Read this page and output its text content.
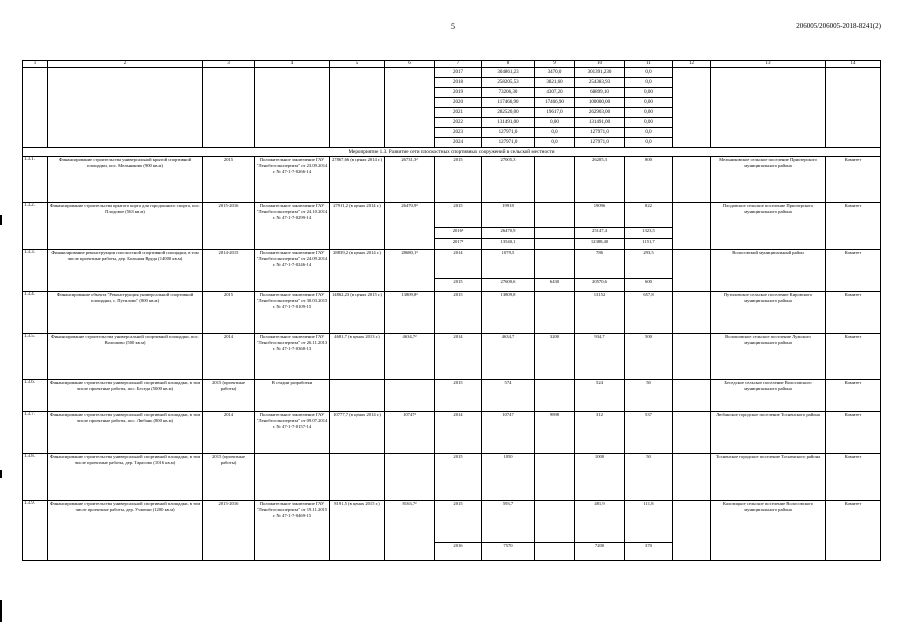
5	206005/206005-2018-8241(2)
1	2	3	4	5	6	7	8	9	10	11	12	13	14
						2017	304861,23	3470,0	301391,230	0,0			
						2018	258205,53	3821,60	254383,93	0,0			
						2019	73206,30	4307,20	68899,10	0,00			
						2020	117466,90	17466,90	100000,00	0,00			
						2021	282520,00	19617,0	262903,00	0,00			
						2022	131491,00	0,00	131491,00	0,00			
						2023	127971,0	0,0	127971,0	0,0			
						2024	127971,0	0,0	127971,0	0,0			
Мероприятие 1.3. Развитие сети плоскостных спортивных сооружений в сельской местности													
1.3.1.	Финансирование строительства универсальной крытой спортивной площадки, пос. Мельниково (900 кв.м)	2015	Положительное заключение ГАУ "Ленобгосэкспертиза" от 23.09.2014 г. № 47-1-7-0266-14	27867,66 (в ценах 2014 г.)	26731,3²	2015	27005,3		26205,3	800		Мельниковское сельское поселение Приозерского муниципального района	Комитет
1.3.2.	Финансирование строительства крытого корта для городошного спорта, пос. Плодовое (563 кв.м)	2015-2016	Положительное заключение ГАУ "Ленобгосэкспертиза" от 24.10.2014 г. № 47-1-7-0299-14	27911,2 (в ценах 2014 г.)	26470,9²	2015	19918		19096	822		Плодовское сельское поселение Приозерского муниципального района	Комитет
						2016²	26470,9		25147,4	1323,5			
						2017²	13540,1		12388,40	1151,7			
1.3.3.	Финансирование реконструкции плоскостной спортивной площадки, в том числе проектные работы, дер. Большая Вруда (14000 кв.м)	2014-2015	Положительное заключение ГАУ "Ленобгосэкспертиза" от 24.09.2014 г. № 47-1-7-0246-14	28839,2 (в ценах 2014 г.)	28680,1²	2014	1079,5		786	293,5		Волосовский муниципальный район	Комитет
						2015	27600,6	6430	20570,6	600			
1.3.4.	Финансирование объекта "Реконструкция универсальной спортивной площадки, с. Путилово" (800 кв.м)	2015	Положительное заключение ГАУ "Ленобгосэкспертиза" от 30.03.2015 г. № 47-1-7-0109-15	14862,23 (в ценах 2015 г.)	13809,8²	2015	13809,8		13152	657,8		Путиловское сельское поселение Кировского муниципального района	Комитет
1.3.5.	Финансирование строительства универсальной спортивной площадки, пос. Волошово (500 кв.м)	2014	Положительное заключение ГАУ "Ленобгосэкспертиза" от 26.11.2013 г. № 47-1-7-0368-13	4681,7 (в ценах 2013 г.)	4634,7²	2014	4634,7	3200	934,7	500		Волошовское сельское поселение Лужского муниципального района	Комитет
1.3.6.	Финансирование строительства универсальной спортивной площадки, в том числе проектные работы, пос. Беседа (5000 кв.м)	2015 (проектные работы)	В стадии разработки			2015	574		524	50		Беседское сельское поселение Волосовского муниципального района	Комитет
1.3.7.	Финансирование строительства универсальной спортивной площадки, в том числе проектные работы, пос. Любань (800 кв.м)	2014	Положительное заключение ГАУ "Ленобгосэкспертиза" от 09.07.2014 г. № 47-1-7-0157-14	10777,7 (в ценах 2014 г.)	10747²	2014	10747	9898	312	537		Любанское городское поселение Тосненского района	Комитет
1.3.8.	Финансирование строительства универсальной спортивной площадки, в том числе проектные работы, дер. Тарасово (1016 кв.м)	2015 (проектные работы)				2015	1050		1000	50		Тосненское городское поселение Тосненского района	Комитет
1.3.9.	Финансирование строительства универсальной спортивной площадки, в том числе проектные работы, дер. Учмеши (1200 кв.м)	2015-2016	Положительное заключение ГАУ "Ленобгосэкспертиза" от 19.11.2015 г. № 47-1-7-0469-15	8191,5 (в ценах 2015 г.)	8163,7²	2015	593,7		481,9	111,8		Калозицкое сельское поселение Волосовского муниципального района	Комитет
						2016	7570		7200	370			
